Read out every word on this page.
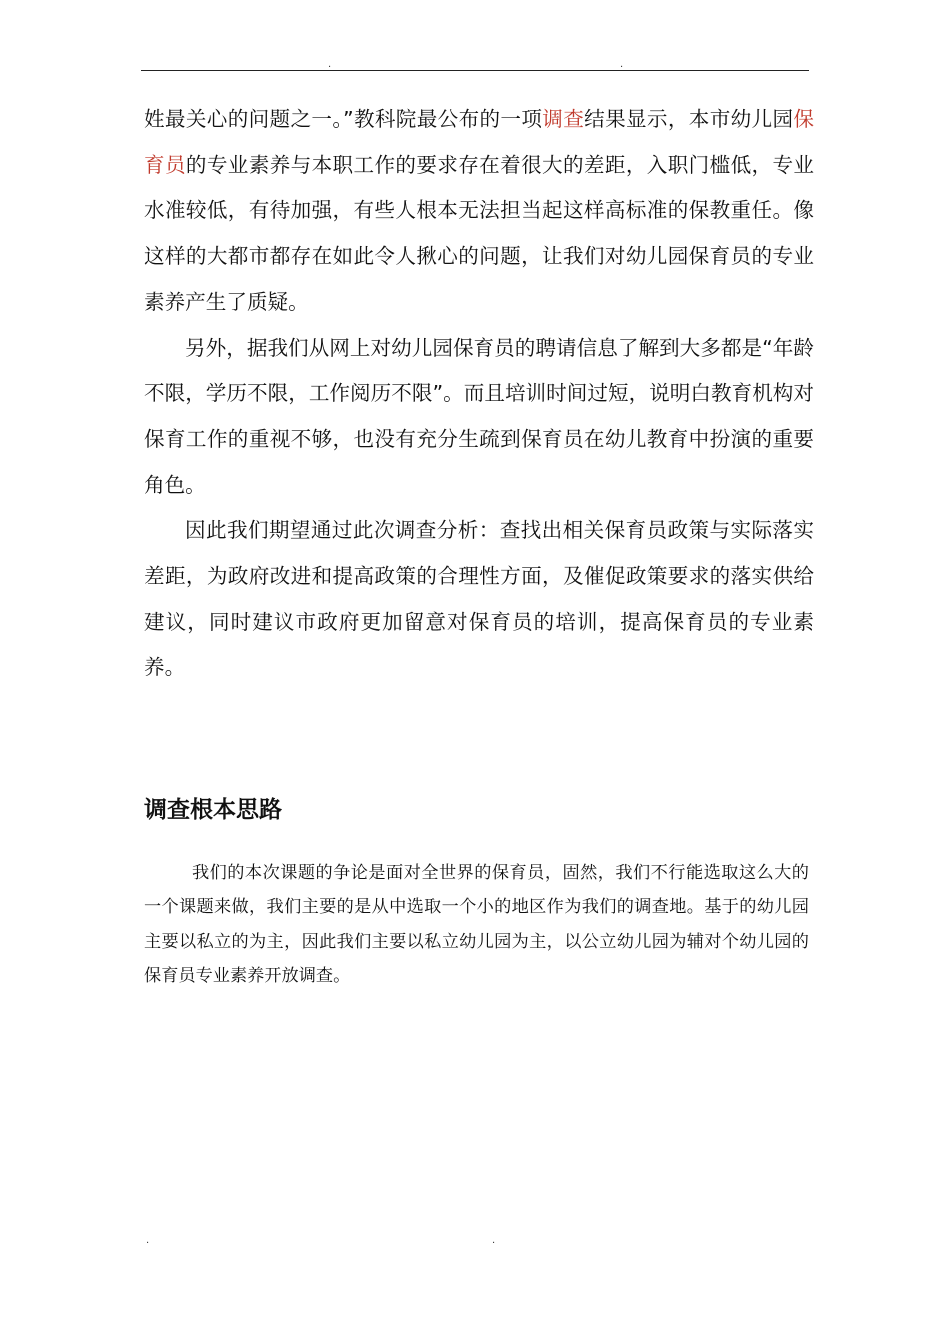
.	.

姓最关心的问题之一。”教科院最公布的一项调查结果显示，本市幼儿园保育员的专业素养与本职工作的要求存在着很大的差距，入职门槛低，专业水准较低，有待加强，有些人根本无法担当起这样高标准的保教重任。像这样的大都市都存在如此令人揪心的问题，让我们对幼儿园保育员的专业素养产生了质疑。

另外，据我们从网上对幼儿园保育员的聘请信息了解到大多都是“年龄不限，学历不限，工作阅历不限”。而且培训时间过短，说明白教育机构对保育工作的重视不够，也没有充分生疏到保育员在幼儿教育中扮演的重要角色。

因此我们期望通过此次调查分析：查找出相关保育员政策与实际落实差距，为政府改进和提高政策的合理性方面，及催促政策要求的落实供给建议，同时建议市政府更加留意对保育员的培训，提高保育员的专业素养。

调查根本思路

我们的本次课题的争论是面对全世界的保育员，固然，我们不行能选取这么大的一个课题来做，我们主要的是从中选取一个小的地区作为我们的调查地。基于的幼儿园主要以私立的为主，因此我们主要以私立幼儿园为主，以公立幼儿园为辅对个幼儿园的保育员专业素养开放调查。

.	.
